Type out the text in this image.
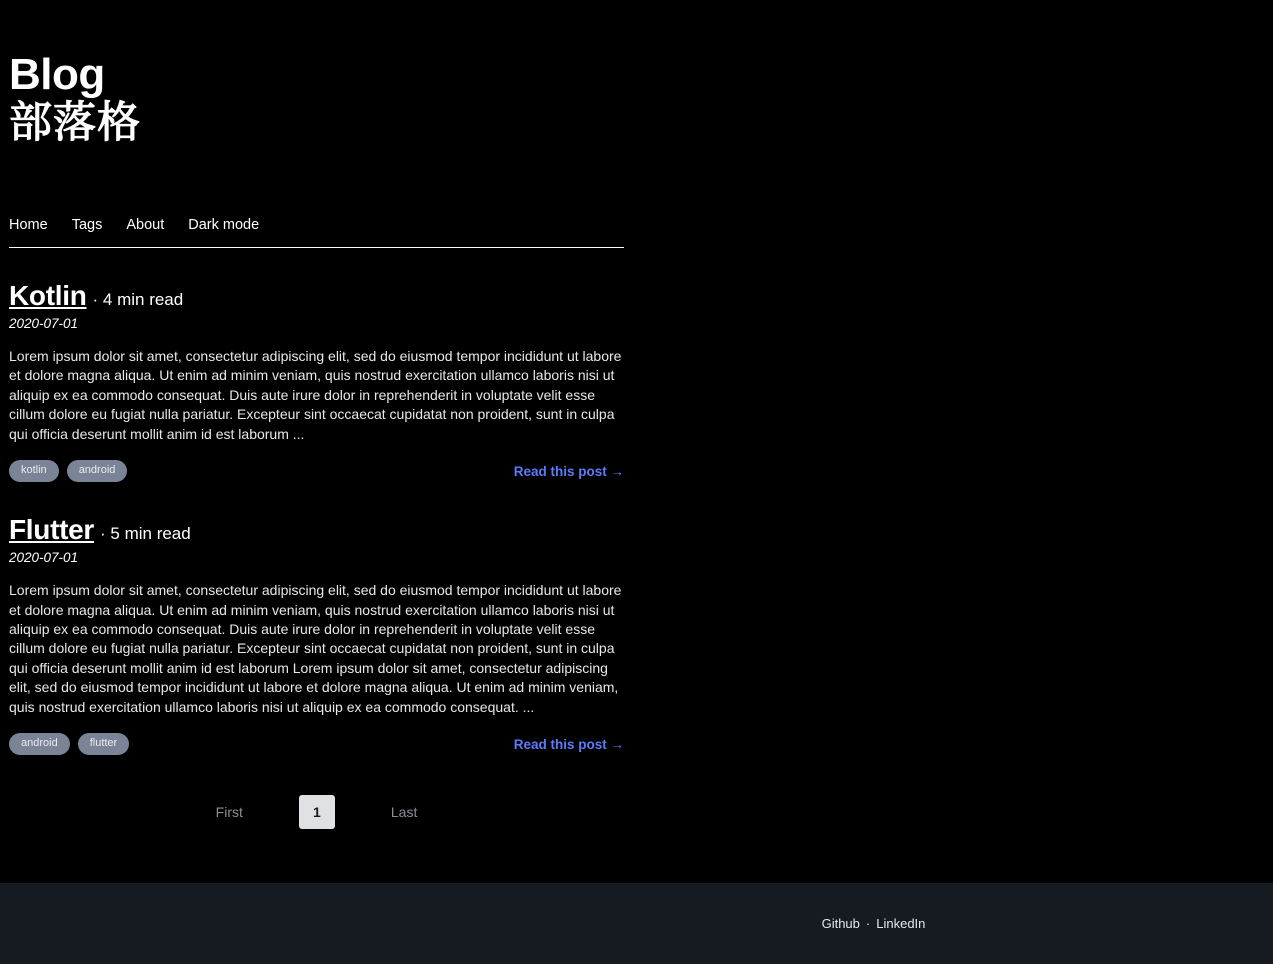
Blog
部落格
Home Tags About Dark mode
Kotlin · 4 min read
2020-07-01

Lorem ipsum dolor sit amet, consectetur adipiscing elit, sed do eiusmod tempor incididunt ut labore et dolore magna aliqua. Ut enim ad minim veniam, quis nostrud exercitation ullamco laboris nisi ut aliquip ex ea commodo consequat. Duis aute irure dolor in reprehenderit in voluptate velit esse cillum dolore eu fugiat nulla pariatur. Excepteur sint occaecat cupidatat non proident, sunt in culpa qui officia deserunt mollit anim id est laborum ...

kotlin	android	Read this post →
Flutter · 5 min read
2020-07-01

Lorem ipsum dolor sit amet, consectetur adipiscing elit, sed do eiusmod tempor incididunt ut labore et dolore magna aliqua. Ut enim ad minim veniam, quis nostrud exercitation ullamco laboris nisi ut aliquip ex ea commodo consequat. Duis aute irure dolor in reprehenderit in voluptate velit esse cillum dolore eu fugiat nulla pariatur. Excepteur sint occaecat cupidatat non proident, sunt in culpa qui officia deserunt mollit anim id est laborum Lorem ipsum dolor sit amet, consectetur adipiscing elit, sed do eiusmod tempor incididunt ut labore et dolore magna aliqua. Ut enim ad minim veniam, quis nostrud exercitation ullamco laboris nisi ut aliquip ex ea commodo consequat. ...

android	flutter	Read this post →
First	1	Last
Github · LinkedIn
